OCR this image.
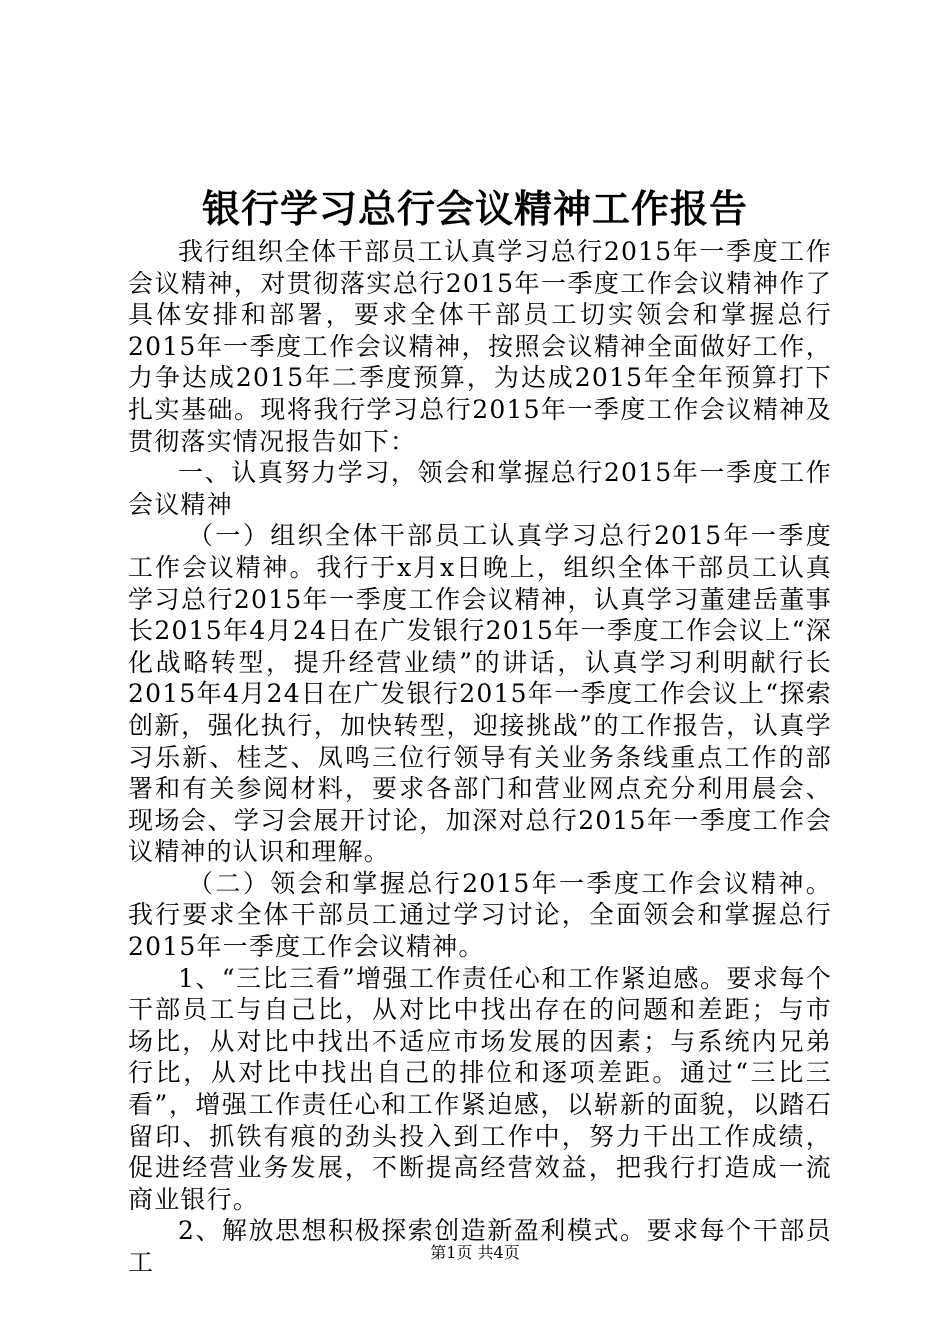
银行学习总行会议精神工作报告

我行组织全体干部员工认真学习总行2015年一季度工作会议精神，对贯彻落实总行2015年一季度工作会议精神作了具体安排和部署，要求全体干部员工切实领会和掌握总行2015年一季度工作会议精神，按照会议精神全面做好工作，力争达成2015年二季度预算，为达成2015年全年预算打下扎实基础。现将我行学习总行2015年一季度工作会议精神及贯彻落实情况报告如下：

一、认真努力学习，领会和掌握总行2015年一季度工作会议精神

（一）组织全体干部员工认真学习总行2015年一季度工作会议精神。我行于x月x日晚上，组织全体干部员工认真学习总行2015年一季度工作会议精神，认真学习董建岳董事长2015年4月24日在广发银行2015年一季度工作会议上“深化战略转型，提升经营业绩”的讲话，认真学习利明献行长2015年4月24日在广发银行2015年一季度工作会议上“探索创新，强化执行，加快转型，迎接挑战”的工作报告，认真学习乐新、桂芝、凤鸣三位行领导有关业务条线重点工作的部署和有关参阅材料，要求各部门和营业网点充分利用晨会、现场会、学习会展开讨论，加深对总行2015年一季度工作会议精神的认识和理解。

（二）领会和掌握总行2015年一季度工作会议精神。我行要求全体干部员工通过学习讨论，全面领会和掌握总行2015年一季度工作会议精神。

1、“三比三看”增强工作责任心和工作紧迫感。要求每个干部员工与自己比，从对比中找出存在的问题和差距；与市场比，从对比中找出不适应市场发展的因素；与系统内兄弟行比，从对比中找出自己的排位和逐项差距。通过“三比三看”，增强工作责任心和工作紧迫感，以崭新的面貌，以踏石留印、抓铁有痕的劲头投入到工作中，努力干出工作成绩，促进经营业务发展，不断提高经营效益，把我行打造成一流商业银行。

2、解放思想积极探索创造新盈利模式。要求每个干部员工	第1页 共4页
